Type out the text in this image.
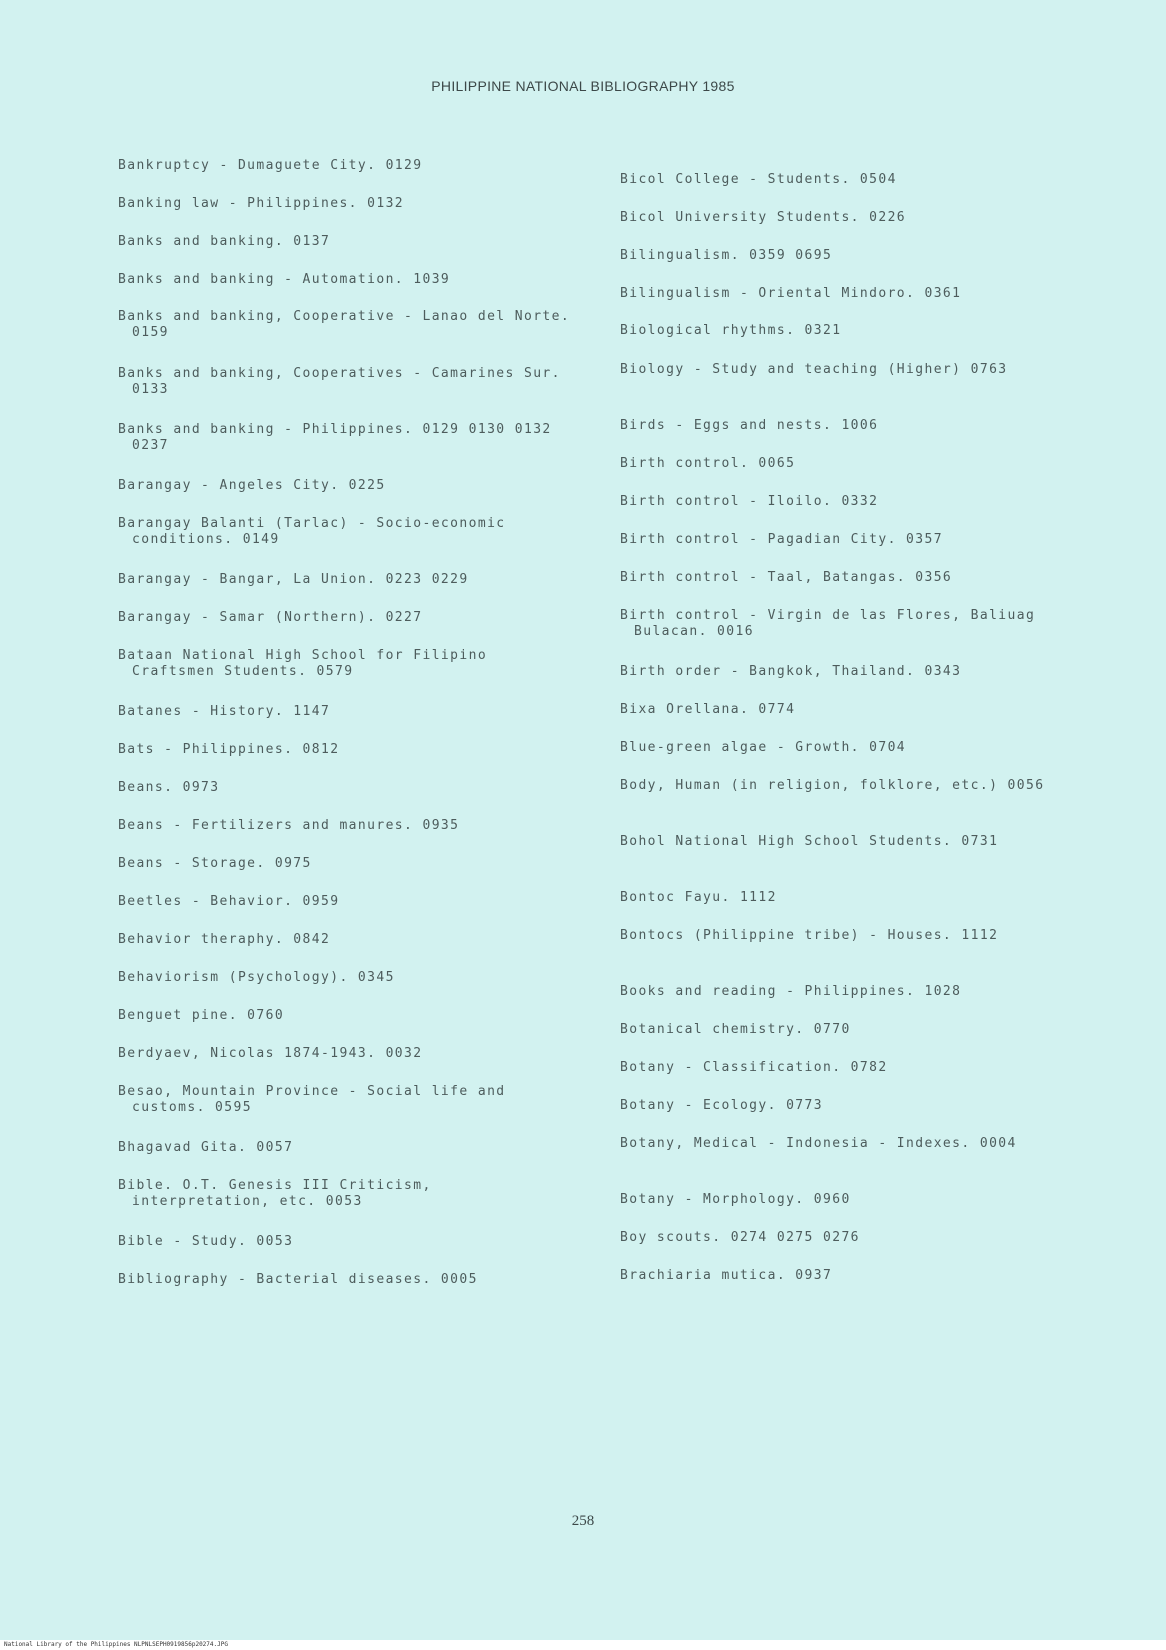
PHILIPPINE NATIONAL BIBLIOGRAPHY 1985
Bankruptcy - Dumaguete City. 0129
Banking law - Philippines. 0132
Banks and banking. 0137
Banks and banking - Automation. 1039
Banks and banking, Cooperative - Lanao del Norte. 0159
Banks and banking, Cooperatives - Camarines Sur. 0133
Banks and banking - Philippines. 0129 0130 0132 0237
Barangay - Angeles City. 0225
Barangay Balanti (Tarlac) - Socio-economic conditions. 0149
Barangay - Bangar, La Union. 0223 0229
Barangay - Samar (Northern). 0227
Bataan National High School for Filipino Craftsmen Students. 0579
Batanes - History. 1147
Bats - Philippines. 0812
Beans. 0973
Beans - Fertilizers and manures. 0935
Beans - Storage. 0975
Beetles - Behavior. 0959
Behavior theraphy. 0842
Behaviorism (Psychology). 0345
Benguet pine. 0760
Berdyaev, Nicolas 1874-1943. 0032
Besao, Mountain Province - Social life and customs. 0595
Bhagavad Gita. 0057
Bible. O.T. Genesis III Criticism, interpretation, etc. 0053
Bible - Study. 0053
Bibliography - Bacterial diseases. 0005
Bicol College - Students. 0504
Bicol University Students. 0226
Bilingualism. 0359 0695
Bilingualism - Oriental Mindoro. 0361
Biological rhythms. 0321
Biology - Study and teaching (Higher) 0763
Birds - Eggs and nests. 1006
Birth control. 0065
Birth control - Iloilo. 0332
Birth control - Pagadian City. 0357
Birth control - Taal, Batangas. 0356
Birth control - Virgin de las Flores, Baliuag Bulacan. 0016
Birth order - Bangkok, Thailand. 0343
Bixa Orellana. 0774
Blue-green algae - Growth. 0704
Body, Human (in religion, folklore, etc.) 0056
Bohol National High School Students. 0731
Bontoc Fayu. 1112
Bontocs (Philippine tribe) - Houses. 1112
Books and reading - Philippines. 1028
Botanical chemistry. 0770
Botany - Classification. 0782
Botany - Ecology. 0773
Botany, Medical - Indonesia - Indexes. 0004
Botany - Morphology. 0960
Boy scouts. 0274 0275 0276
Brachiaria mutica. 0937
258
National Library of the Philippines NLPNLSEPH0919856p20274.JPG
